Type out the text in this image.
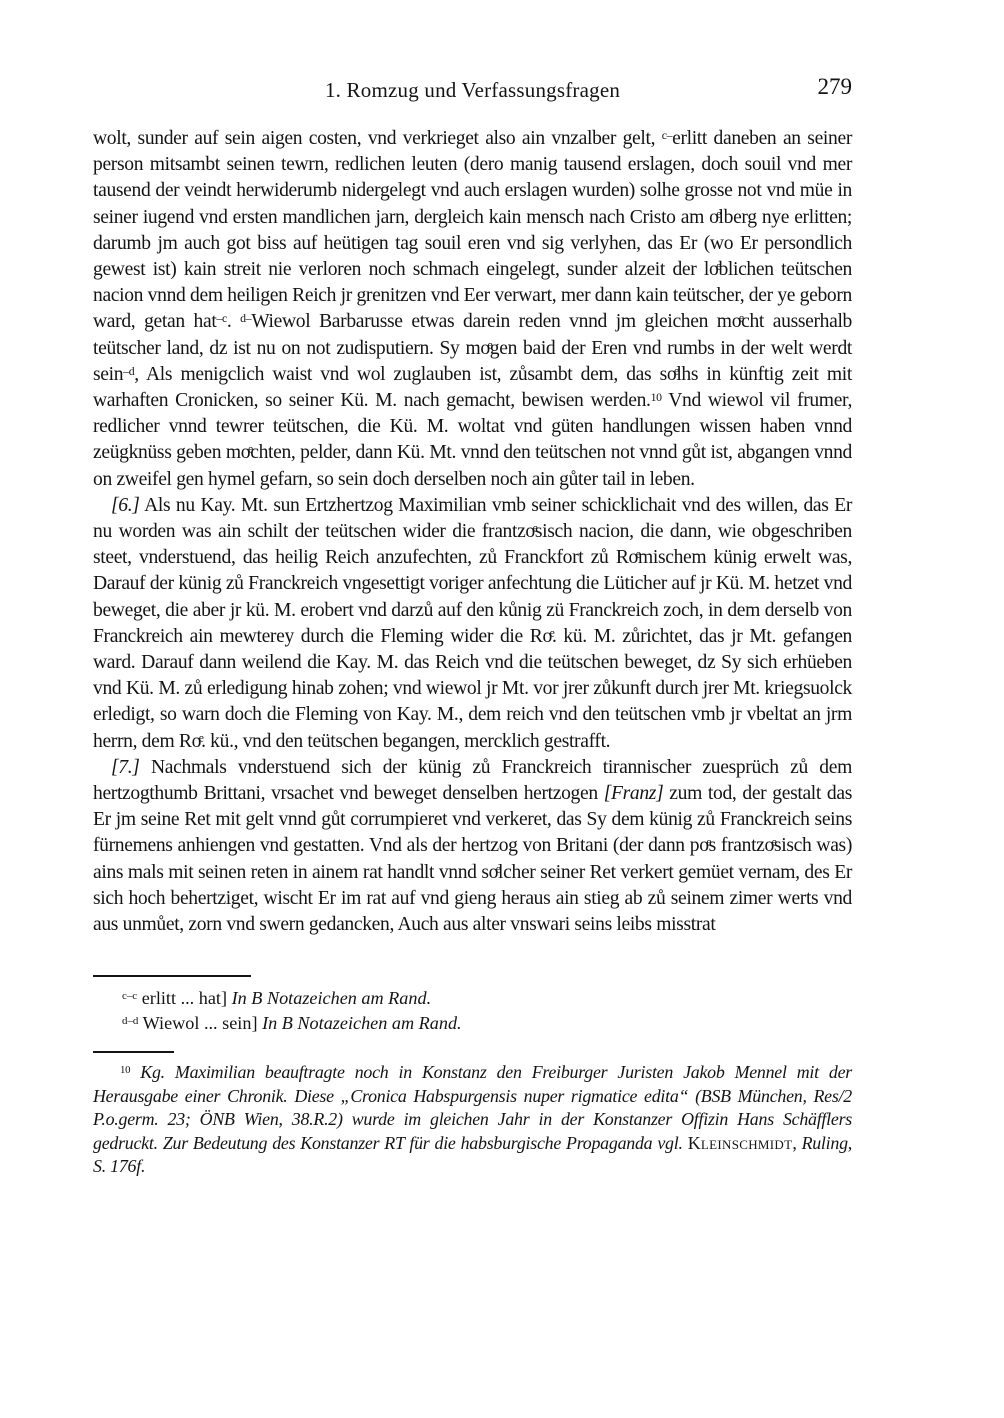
1. Romzug und Verfassungsfragen	279

wolt, sunder auf sein aigen costen, vnd verkrieget also ain vnzalber gelt, $^{c-}$erlitt daneben an seiner person mitsambt seinen tewrn, redlichen leuten (dero manig tausend erslagen, doch souil vnd mer tausend der veindt herwiderumb nidergelegt vnd auch erslagen wurden) solhe grosse not vnd müe in seiner iugend vnd ersten mandlichen jarn, dergleich kain mensch nach Cristo am oͤlberg nye erlitten; darumb jm auch got biss auf heütigen tag souil eren vnd sig verlyhen, das Er (wo Er persondlich gewest ist) kain streit nie verloren noch schmach eingelegt, sunder alzeit der loͤblichen teütschen nacion vnnd dem heiligen Reich jr grenitzen vnd Eer verwart, mer dann kain teütscher, der ye geborn ward, getan hat$^{-c}$. $^{d-}$Wiewol Barbarusse etwas darein reden vnnd jm gleichen moͤcht ausserhalb teütscher land, dz ist nu on not zudisputiern. Sy moͤgen baid der Eren vnd rumbs in der welt werdt sein$^{-d}$, Als menigclich waist vnd wol zuglauben ist, zůsambt dem, das soͤlhs in künftig zeit mit warhaften Cronicken, so seiner Kü. M. nach gemacht, bewisen werden.$^{10}$ Vnd wiewol vil frumer, redlicher vnnd tewrer teütschen, die Kü. M. woltat vnd güten handlungen wissen haben vnnd zeügknüss geben moͤchten, pelder, dann Kü. Mt. vnnd den teütschen not vnnd gůt ist, abgangen vnnd on zweifel gen hymel gefarn, so sein doch derselben noch ain gůter tail in leben.

[6.] Als nu Kay. Mt. sun Ertzhertzog Maximilian vmb seiner schicklichait vnd des willen, das Er nu worden was ain schilt der teütschen wider die frantzoͤsisch nacion, die dann, wie obgeschriben steet, vnderstuend, das heilig Reich anzufechten, zů Franckfort zů Roͤmischem künig erwelt was, Darauf der künig zů Franckreich vngesettigt voriger anfechtung die Lüticher auf jr Kü. M. hetzet vnd beweget, die aber jr kü. M. erobert vnd darzů auf den kůnig zü Franckreich zoch, in dem derselb von Franckreich ain mewterey durch die Fleming wider die Roͤ. kü. M. zůrichtet, das jr Mt. gefangen ward. Darauf dann weilend die Kay. M. das Reich vnd die teütschen beweget, dz Sy sich erhüeben vnd Kü. M. zů erledigung hinab zohen; vnd wiewol jr Mt. vor jrer zůkunft durch jrer Mt. kriegsuolck erledigt, so warn doch die Fleming von Kay. M., dem reich vnd den teütschen vmb jr vbeltat an jrm herrn, dem Roͤ. kü., vnd den teütschen begangen, mercklich gestrafft.

[7.] Nachmals vnderstuend sich der künig zů Franckreich tirannischer zuesprüch zů dem hertzogthumb Brittani, vrsachet vnd beweget denselben hertzogen [Franz] zum tod, der gestalt das Er jm seine Ret mit gelt vnnd gůt corrumpieret vnd verkeret, das Sy dem künig zů Franckreich seins fürnemens anhiengen vnd gestatten. Vnd als der hertzog von Britani (der dann poͤs frantzoͤsisch was) ains mals mit seinen reten in ainem rat handlt vnnd soͤlcher seiner Ret verkert gemüet vernam, des Er sich hoch behertziget, wischt Er im rat auf vnd gieng heraus ain stieg ab zů seinem zimer werts vnd aus unmůet, zorn vnd swern gedancken, Auch aus alter vnswari seins leibs misstrat

$^{c-c}$ erlitt ... hat] In B Notazeichen am Rand.
$^{d-d}$ Wiewol ... sein] In B Notazeichen am Rand.
$^{10}$ Kg. Maximilian beauftragte noch in Konstanz den Freiburger Juristen Jakob Mennel mit der Herausgabe einer Chronik. Diese „Cronica Habspurgensis nuper rigmatice edita“ (BSB München, Res/2 P.o.germ. 23; ÖNB Wien, 38.R.2) wurde im gleichen Jahr in der Konstanzer Offizin Hans Schäfflers gedruckt. Zur Bedeutung des Konstanzer RT für die habsburgische Propaganda vgl. Kleinschmidt, Ruling, S. 176f.
